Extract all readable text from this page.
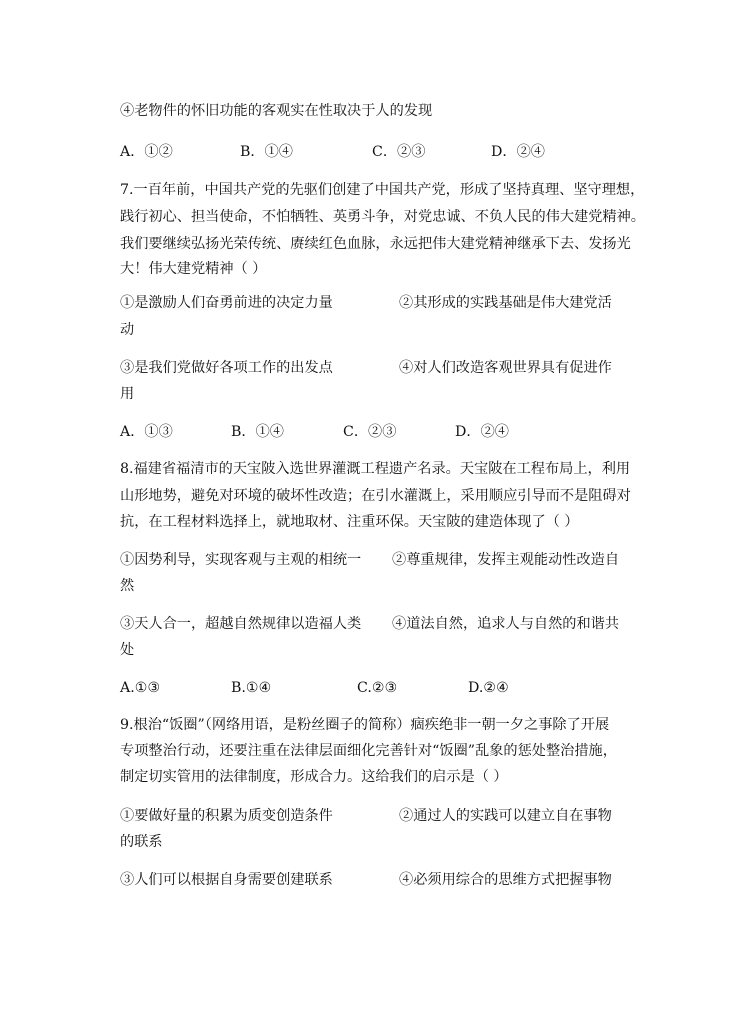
④老物件的怀旧功能的客观实在性取决于人的发现
A．①②	B．①④	C．②③	D．②④
7.一百年前，中国共产党的先驱们创建了中国共产党，形成了坚持真理、坚守理想，
践行初心、担当使命，不怕牺牲、英勇斗争，对党忠诚、不负人民的伟大建党精神。
我们要继续弘扬光荣传统、赓续红色血脉，永远把伟大建党精神继承下去、发扬光
大！伟大建党精神（ ）
①是激励人们奋勇前进的决定力量	②其形成的实践基础是伟大建党活
动
③是我们党做好各项工作的出发点	④对人们改造客观世界具有促进作
用
A．①③	B．①④	C．②③	D．②④
8.福建省福清市的天宝陂入选世界灌溉工程遗产名录。天宝陂在工程布局上，利用
山形地势，避免对环境的破坏性改造；在引水灌溉上，采用顺应引导而不是阻碍对
抗，在工程材料选择上，就地取材、注重环保。天宝陂的建造体现了（ ）
①因势利导，实现客观与主观的相统一 ②尊重规律，发挥主观能动性改造自
然
③天人合一，超越自然规律以造福人类 ④道法自然，追求人与自然的和谐共
处
A.①③	B.①④	C.②③	D.②④
9.根治“饭圈”（网络用语，是粉丝圈子的简称）痼疾绝非一朝一夕之事除了开展
专项整治行动，还要注重在法律层面细化完善针对“饭圈”乱象的惩处整治措施，
制定切实管用的法律制度，形成合力。这给我们的启示是（ ）
①要做好量的积累为质变创造条件	②通过人的实践可以建立自在事物
的联系
③人们可以根据自身需要创建联系	④必须用综合的思维方式把握事物
